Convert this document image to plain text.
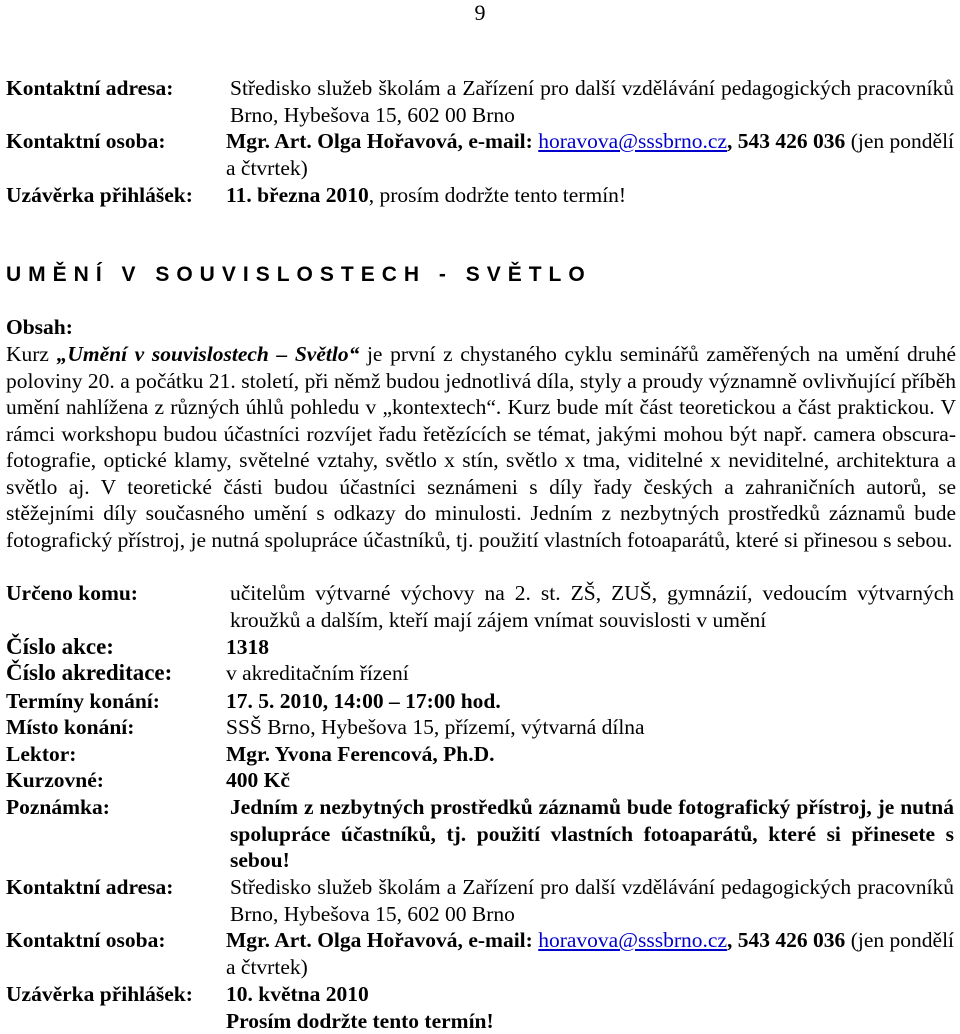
9
Kontaktní adresa:	Středisko služeb školám a Zařízení pro další vzdělávání pedagogických pracovníků Brno, Hybešova 15, 602 00 Brno
Kontaktní osoba:	Mgr. Art. Olga Hořavová, e-mail: horavova@sssbrno.cz, 543 426 036 (jen pondělí a čtvrtek)
Uzávěrka přihlášek: 11. března 2010, prosím dodržte tento termín!
UMĚNÍ V SOUVISLOSTECH - SVĚTLO
Obsah:
Kurz „Umění v souvislostech – Světlo“ je první z chystaného cyklu seminářů zaměřených na umění druhé poloviny 20. a počátku 21. století, při němž budou jednotlivá díla, styly a proudy významně ovlivňující příběh umění nahlížena z různých úhlů pohledu v „kontextech“. Kurz bude mít část teoretickou a část praktickou. V rámci workshopu budou účastníci rozvíjet řadu řetězících se témat, jakými mohou být např. camera obscura-fotografie, optické klamy, světelné vztahy, světlo x stín, světlo x tma, viditelné x neviditelné, architektura a světlo aj. V teoretické části budou účastníci seznámeni s díly řady českých a zahraničních autorů, se stěžejními díly současného umění s odkazy do minulosti. Jedním z nezbytných prostředků záznamů bude fotografický přístroj, je nutná spolupráce účastníků, tj. použití vlastních fotoaparátů, které si přinesou s sebou.
Určeno komu:	učitelům výtvarné výchovy na 2. st. ZŠ, ZUŠ, gymnázií, vedoucím výtvarných kroužků a dalším, kteří mají zájem vnímat souvislosti v umění
Číslo akce:	1318
Číslo akreditace: v akreditačním řízení
Termíny konání:	17. 5. 2010, 14:00 – 17:00 hod.
Místo konání:	SSŠ Brno, Hybešova 15, přízemí, výtvarná dílna
Lektor:	Mgr. Yvona Ferencová, Ph.D.
Kurzovné:	400 Kč
Poznámka:	Jedním z nezbytných prostředků záznamů bude fotografický přístroj, je nutná spolupráce účastníků, tj. použití vlastních fotoaparátů, které si přinesete s sebou!
Kontaktní adresa:	Středisko služeb školám a Zařízení pro další vzdělávání pedagogických pracovníků Brno, Hybešova 15, 602 00 Brno
Kontaktní osoba:	Mgr. Art. Olga Hořavová, e-mail: horavova@sssbrno.cz, 543 426 036 (jen pondělí a čtvrtek)
Uzávěrka přihlášek: 10. května 2010
Prosím dodržte tento termín!
